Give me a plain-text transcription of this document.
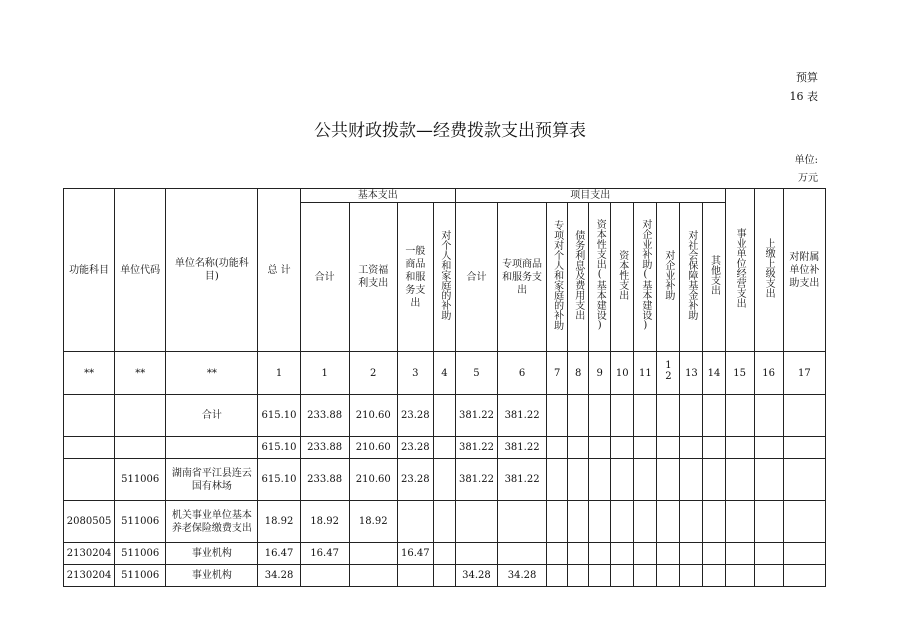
预算
16 表
公共财政拨款—经费拨款支出预算表
单位:
万元
功能科目	单位代码	单位名称(功能科目)	总 计	基本支出				项目支出										事业单位经营支出	上缴上级支出	对附属单位补助支出
				合计	工资福利支出	一般商品和服务支出	对个人和家庭的补助	合计	专项商品和服务支出	专项对个人和家庭的补助	债务利息及费用支出	资本性支出(基本建设)	资本性支出	对企业补助(基本建设)	对企业补助	对社会保障基金补助	其他支出			
**	**	**	1	1	2	3	4	5	6	7	8	9	10	11	12	13	14	15	16	17
		合计	615.10	233.88	210.60	23.28		381.22	381.22											
			615.10	233.88	210.60	23.28		381.22	381.22											
	511006	湖南省平江县连云国有林场	615.10	233.88	210.60	23.28		381.22	381.22											
2080505	511006	机关事业单位基本养老保险缴费支出	18.92	18.92	18.92															
2130204	511006	事业机构	16.47	16.47		16.47														
2130204	511006	事业机构	34.28					34.28	34.28											
